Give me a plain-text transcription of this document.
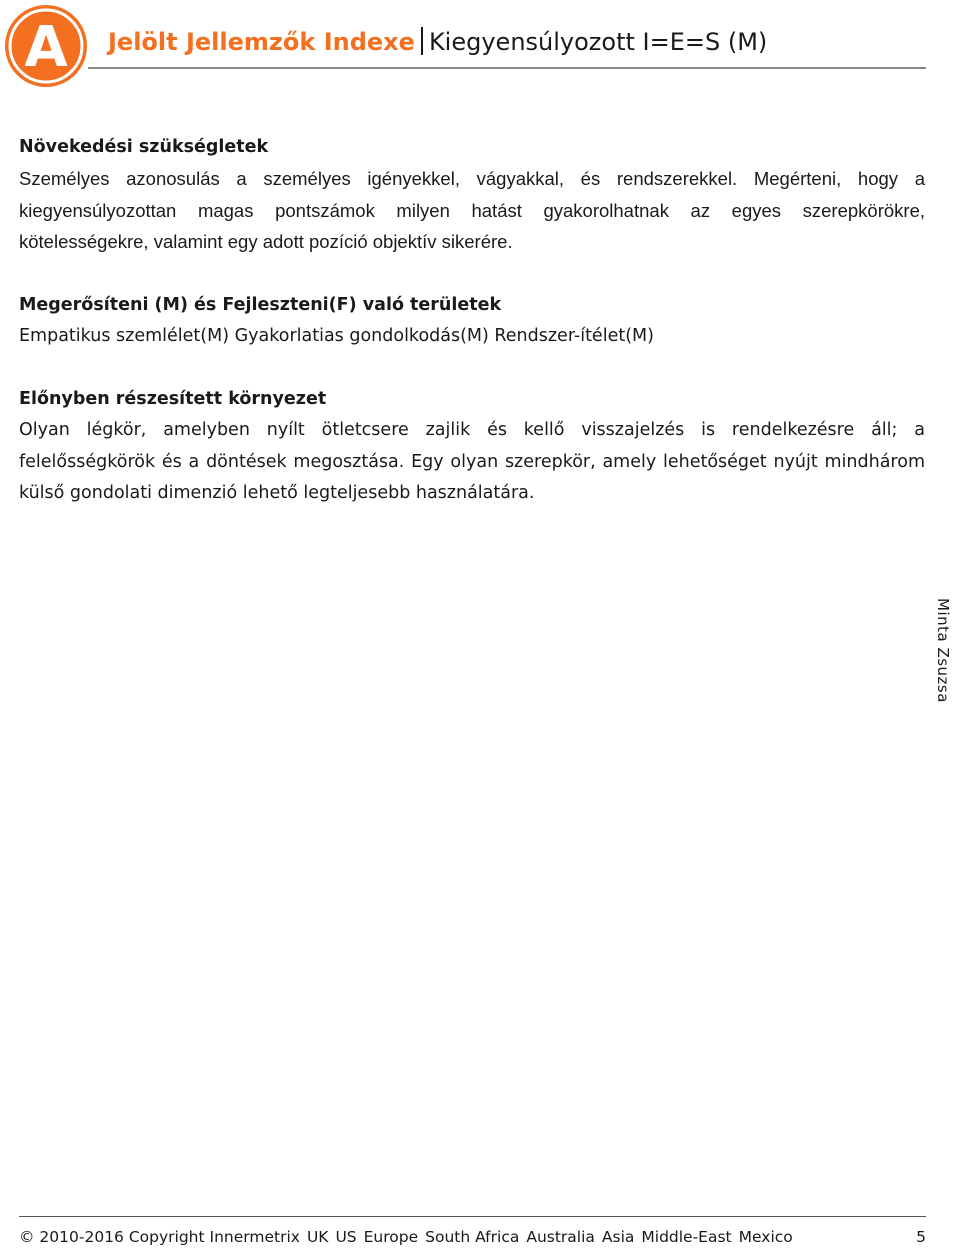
A Jelölt Jellemzők Indexe Kiegyensúlyozott I=E=S (M)
Növekedési szükségletek

Személyes azonosulás a személyes igényekkel, vágyakkal, és rendszerekkel. Megérteni, hogy a kiegyensúlyozottan magas pontszámok milyen hatást gyakorolhatnak az egyes szerepkörökre, kötelességekre, valamint egy adott pozíció objektív sikerére.

Megerősíteni (M) és Fejleszteni(F) való területek

Empatikus szemlélet(M) Gyakorlatias gondolkodás(M) Rendszer-ítélet(M)

Előnyben részesített környezet

Olyan légkör, amelyben nyílt ötletcsere zajlik és kellő visszajelzés is rendelkezésre áll; a felelősségkörök és a döntések megosztása. Egy olyan szerepkör, amely lehetőséget nyújt mindhárom külső gondolati dimenzió lehető legteljesebb használatára.

Minta Zsuzsa
© 2010-2016 Copyright Innermetrix UK US Europe South Africa Australia Asia Middle-East Mexico	5
